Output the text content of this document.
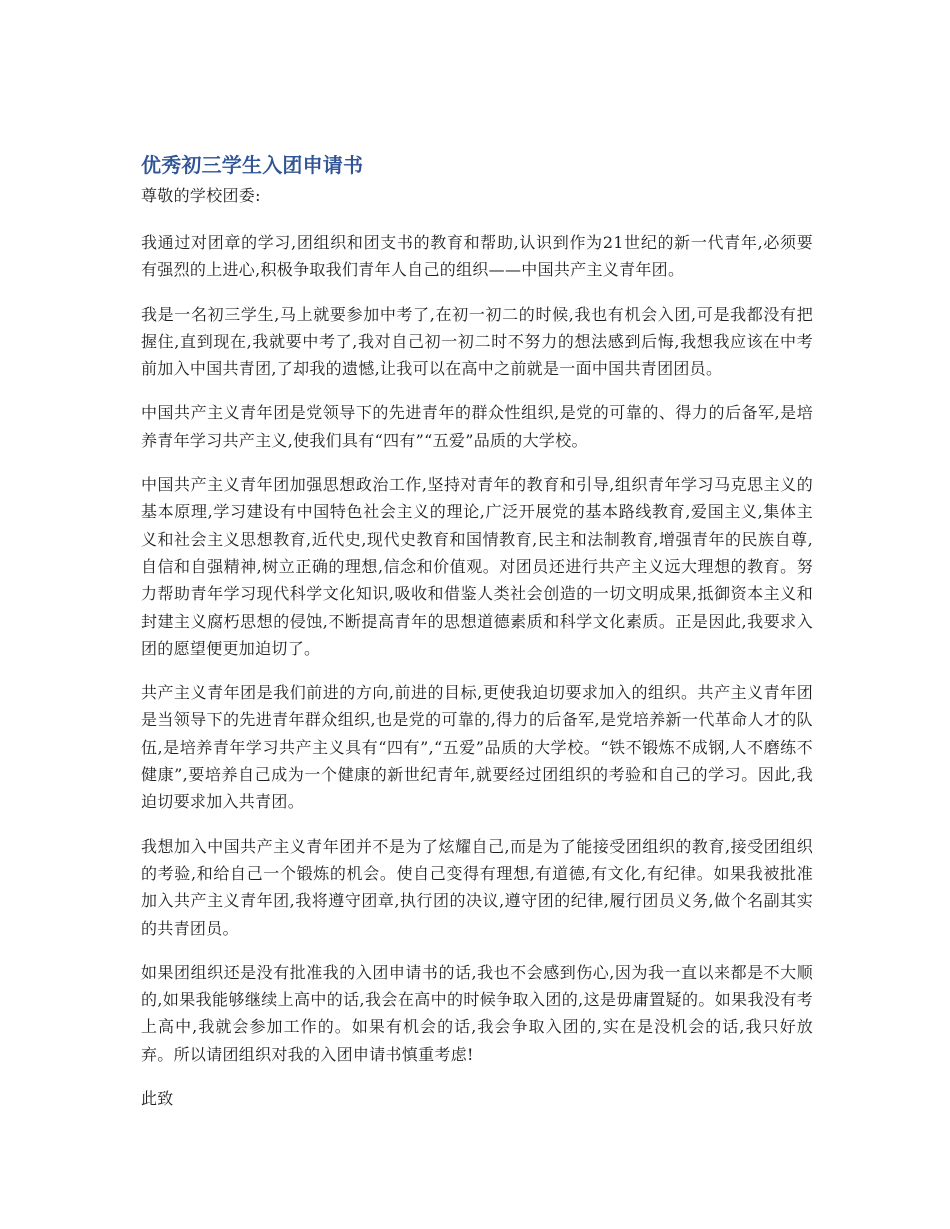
优秀初三学生入团申请书

尊敬的学校团委:

我通过对团章的学习,团组织和团支书的教育和帮助,认识到作为21世纪的新一代青年,必须要有强烈的上进心,积极争取我们青年人自己的组织——中国共产主义青年团。

我是一名初三学生,马上就要参加中考了,在初一初二的时候,我也有机会入团,可是我都没有把握住,直到现在,我就要中考了,我对自己初一初二时不努力的想法感到后悔,我想我应该在中考前加入中国共青团,了却我的遗憾,让我可以在高中之前就是一面中国共青团团员。

中国共产主义青年团是党领导下的先进青年的群众性组织,是党的可靠的、得力的后备军,是培养青年学习共产主义,使我们具有“四有”“五爱”品质的大学校。

中国共产主义青年团加强思想政治工作,坚持对青年的教育和引导,组织青年学习马克思主义的基本原理,学习建设有中国特色社会主义的理论,广泛开展党的基本路线教育,爱国主义,集体主义和社会主义思想教育,近代史,现代史教育和国情教育,民主和法制教育,增强青年的民族自尊,自信和自强精神,树立正确的理想,信念和价值观。对团员还进行共产主义远大理想的教育。努力帮助青年学习现代科学文化知识,吸收和借鉴人类社会创造的一切文明成果,抵御资本主义和封建主义腐朽思想的侵蚀,不断提高青年的思想道德素质和科学文化素质。正是因此,我要求入团的愿望便更加迫切了。

共产主义青年团是我们前进的方向,前进的目标,更使我迫切要求加入的组织。共产主义青年团是当领导下的先进青年群众组织,也是党的可靠的,得力的后备军,是党培养新一代革命人才的队伍,是培养青年学习共产主义具有“四有”,“五爱”品质的大学校。“铁不锻炼不成钢,人不磨练不健康”,要培养自己成为一个健康的新世纪青年,就要经过团组织的考验和自己的学习。因此,我迫切要求加入共青团。

我想加入中国共产主义青年团并不是为了炫耀自己,而是为了能接受团组织的教育,接受团组织的考验,和给自己一个锻炼的机会。使自己变得有理想,有道德,有文化,有纪律。如果我被批准加入共产主义青年团,我将遵守团章,执行团的决议,遵守团的纪律,履行团员义务,做个名副其实的共青团员。

如果团组织还是没有批准我的入团申请书的话,我也不会感到伤心,因为我一直以来都是不大顺的,如果我能够继续上高中的话,我会在高中的时候争取入团的,这是毋庸置疑的。如果我没有考上高中,我就会参加工作的。如果有机会的话,我会争取入团的,实在是没机会的话,我只好放弃。所以请团组织对我的入团申请书慎重考虑!

此致
